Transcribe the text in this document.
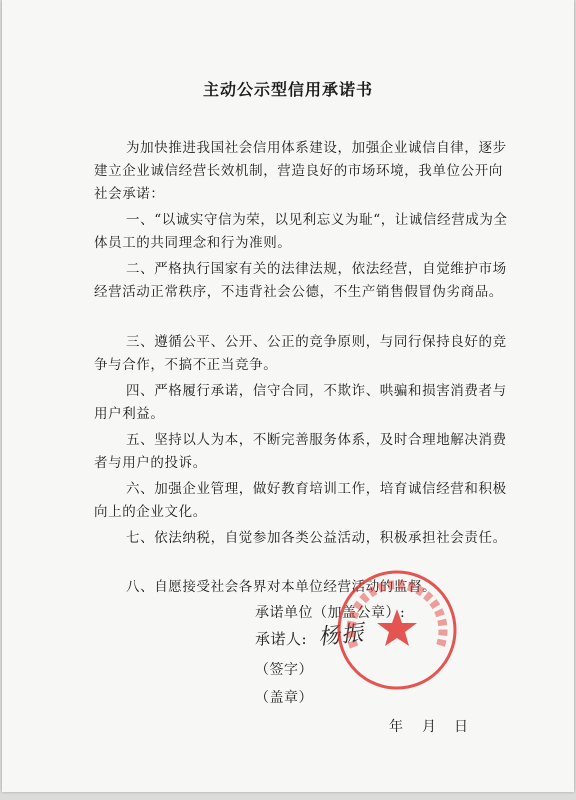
主动公示型信用承诺书

为加快推进我国社会信用体系建设，加强企业诚信自律，逐步建立企业诚信经营长效机制，营造良好的市场环境，我单位公开向社会承诺：

一、“以诚实守信为荣，以见利忘义为耻“，让诚信经营成为全体员工的共同理念和行为准则。

二、严格执行国家有关的法律法规，依法经营，自觉维护市场经营活动正常秩序，不违背社会公德，不生产销售假冒伪劣商品。

三、遵循公平、公开、公正的竞争原则，与同行保持良好的竞争与合作，不搞不正当竞争。

四、严格履行承诺，信守合同，不欺诈、哄骗和损害消费者与用户利益。

五、坚持以人为本，不断完善服务体系，及时合理地解决消费者与用户的投诉。

六、加强企业管理，做好教育培训工作，培育诚信经营和积极向上的企业文化。

七、依法纳税，自觉参加各类公益活动，积极承担社会责任。

八、自愿接受社会各界对本单位经营活动的监督。

承诺单位（加盖公章）:
承诺人: 杨振
（签字）
（盖章）
年 月 日
